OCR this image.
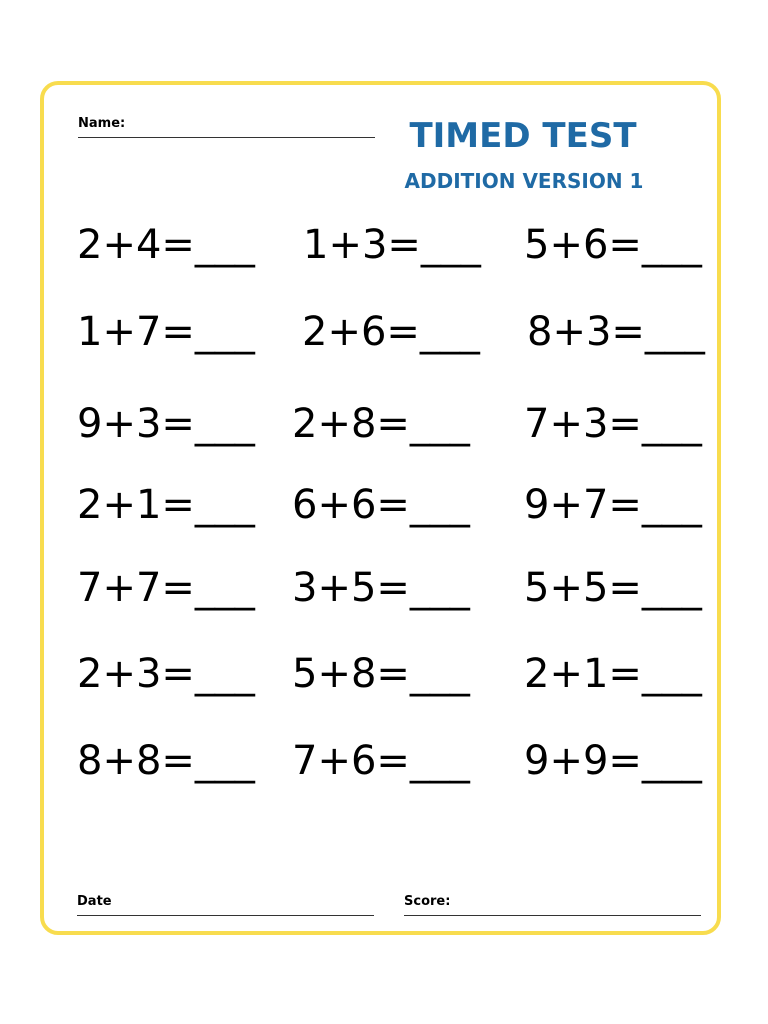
Name:	TIMED TEST
ADDITION VERSION 1
2+4=___ 1+3=___ 5+6=___
1+7=___ 2+6=___ 8+3=___
9+3=___ 2+8=___ 7+3=___
2+1=___ 6+6=___ 9+7=___
7+7=___ 3+5=___ 5+5=___
2+3=___ 5+8=___ 2+1=___
8+8=___ 7+6=___ 9+9=___
Date	Score:
